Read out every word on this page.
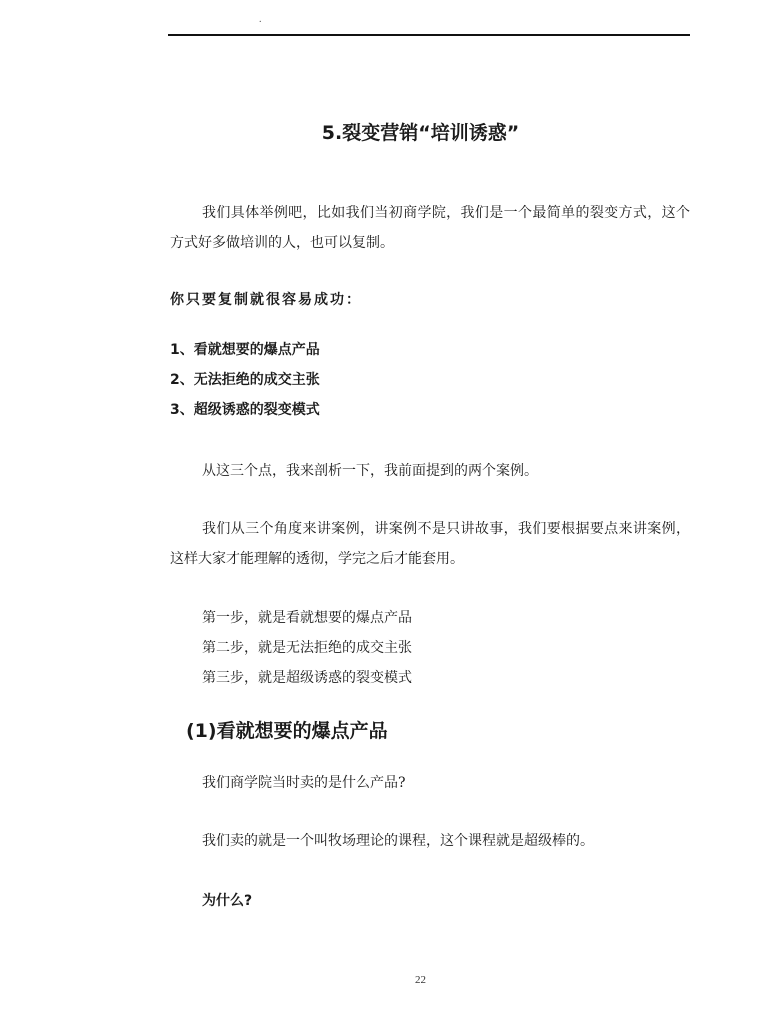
.
5.裂变营销“培训诱惑”

我们具体举例吧，比如我们当初商学院，我们是一个最简单的裂变方式，这个方式好多做培训的人，也可以复制。

你只要复制就很容易成功：
1、看就想要的爆点产品
2、无法拒绝的成交主张
3、超级诱惑的裂变模式
从这三个点，我来剖析一下，我前面提到的两个案例。

我们从三个角度来讲案例，讲案例不是只讲故事，我们要根据要点来讲案例，这样大家才能理解的透彻，学完之后才能套用。

第一步，就是看就想要的爆点产品
第二步，就是无法拒绝的成交主张
第三步，就是超级诱惑的裂变模式
(1)看就想要的爆点产品
我们商学院当时卖的是什么产品?
我们卖的就是一个叫牧场理论的课程，这个课程就是超级棒的。
为什么?
22
